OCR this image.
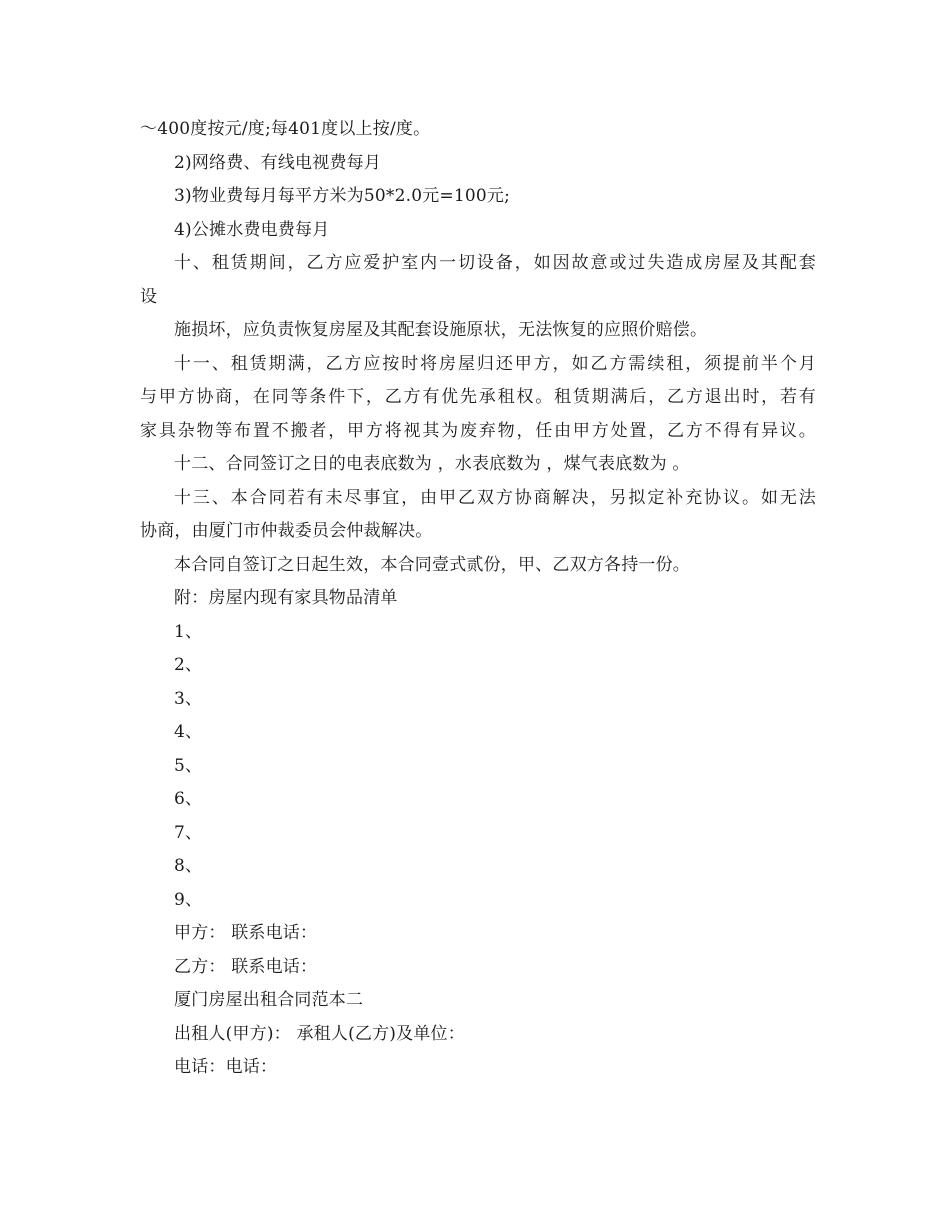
～400度按元/度;每401度以上按/度。
2)网络费、有线电视费每月
3)物业费每月每平方米为50*2.0元=100元;
4)公摊水费电费每月
十、租赁期间，乙方应爱护室内一切设备，如因故意或过失造成房屋及其配套
设
施损坏，应负责恢复房屋及其配套设施原状，无法恢复的应照价赔偿。
十一、租赁期满，乙方应按时将房屋归还甲方，如乙方需续租，须提前半个月
与甲方协商，在同等条件下，乙方有优先承租权。租赁期满后，乙方退出时，若有
家具杂物等布置不搬者，甲方将视其为废弃物，任由甲方处置，乙方不得有异议。
十二、合同签订之日的电表底数为 ，水表底数为 ，煤气表底数为 。
十三、本合同若有未尽事宜，由甲乙双方协商解决，另拟定补充协议。如无法
协商，由厦门市仲裁委员会仲裁解决。
本合同自签订之日起生效，本合同壹式贰份，甲、乙双方各持一份。
附：房屋内现有家具物品清单
1、
2、
3、
4、
5、
6、
7、
8、
9、
甲方： 联系电话：
乙方： 联系电话：
厦门房屋出租合同范本二
出租人(甲方)： 承租人(乙方)及单位：
电话：电话：
